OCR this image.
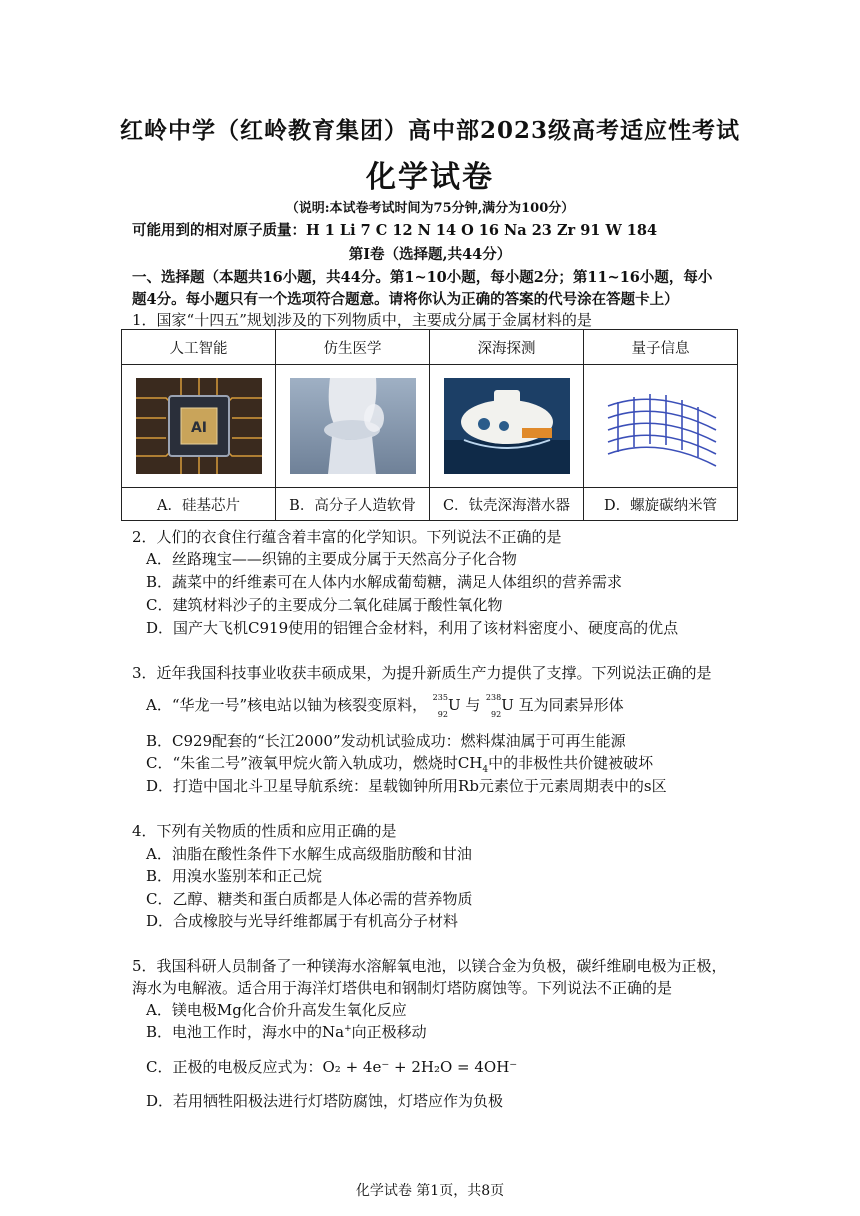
红岭中学（红岭教育集团）高中部2023级高考适应性考试
化学试卷
（说明:本试卷考试时间为75分钟,满分为100分）
可能用到的相对原子质量：H 1 Li 7 C 12 N 14 O 16 Na 23 Zr 91 W 184
第Ⅰ卷（选择题,共44分）
一、选择题（本题共16小题，共44分。第1~10小题，每小题2分；第11~16小题，每小
题4分。每小题只有一个选项符合题意。请将你认为正确的答案的代号涂在答题卡上）
1．国家“十四五”规划涉及的下列物质中，主要成分属于金属材料的是
人工智能	仿生医学	深海探测	量子信息

AI

A．硅基芯片	B．高分子人造软骨	C．钛壳深海潜水器	D．螺旋碳纳米管
2．人们的衣食住行蕴含着丰富的化学知识。下列说法不正确的是
A．丝路瑰宝——织锦的主要成分属于天然高分子化合物
B．蔬菜中的纤维素可在人体内水解成葡萄糖，满足人体组织的营养需求
C．建筑材料沙子的主要成分二氧化硅属于酸性氧化物
D．国产大飞机C919使用的铝锂合金材料，利用了该材料密度小、硬度高的优点
3．近年我国科技事业收获丰硕成果，为提升新质生产力提供了支撑。下列说法正确的是
A．“华龙一号”核电站以铀为核裂变原料， 235
92
U 与 238
92
U 互为同素异形体
B．C929配套的“长江2000”发动机试验成功：燃料煤油属于可再生能源
C．“朱雀二号”液氧甲烷火箭入轨成功，燃烧时$CH_4$中的非极性共价键被破坏
D．打造中国北斗卫星导航系统：星载铷钟所用Rb元素位于元素周期表中的s区
4．下列有关物质的性质和应用正确的是
A．油脂在酸性条件下水解生成高级脂肪酸和甘油
B．用溴水鉴别苯和正己烷
C．乙醇、糖类和蛋白质都是人体必需的营养物质
D．合成橡胶与光导纤维都属于有机高分子材料
5．我国科研人员制备了一种镁海水溶解氧电池，以镁合金为负极，碳纤维刷电极为正极，
海水为电解液。适合用于海洋灯塔供电和钢制灯塔防腐蚀等。下列说法不正确的是
A．镁电极Mg化合价升高发生氧化反应
B．电池工作时，海水中的Na+向正极移动
C．正极的电极反应式为：O₂ + 4e⁻ + 2H₂O = 4OH⁻
D．若用牺牲阳极法进行灯塔防腐蚀，灯塔应作为负极
化学试卷 第1页，共8页
